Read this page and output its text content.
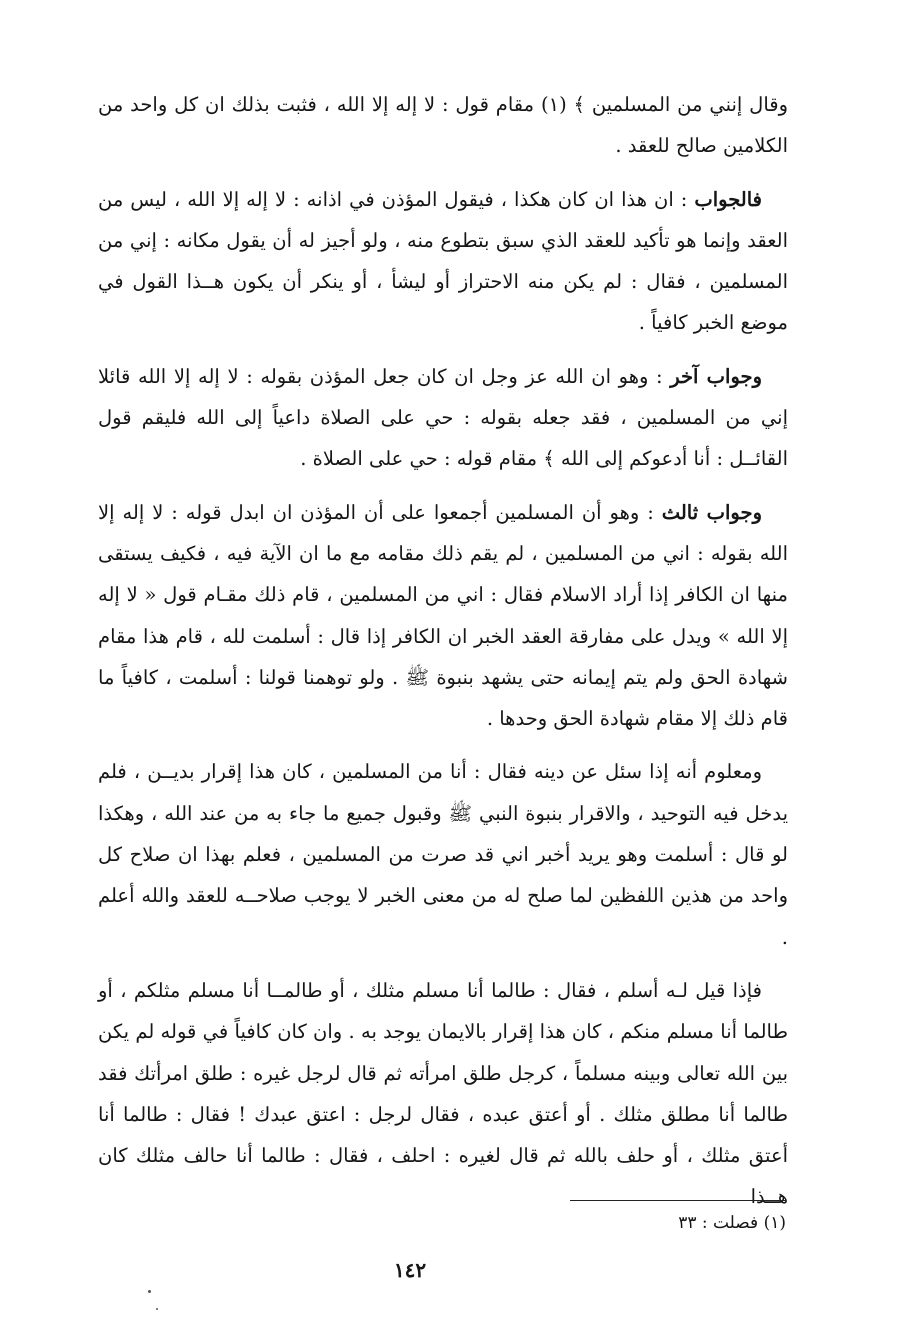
وقال إنني من المسلمين ﴾ (١) مقام قول : لا إله إلا الله ، فثبت بذلك ان كل واحد من الكلامين صالح للعقد .

فالجواب : ان هذا ان كان هكذا ، فيقول المؤذن في اذانه : لا إله إلا الله ، ليس من العقد وإنما هو تأكيد للعقد الذي سبق بتطوع منه ، ولو أجيز له أن يقول مكانه : إني من المسلمين ، فقال : لم يكن منه الاحتراز أو ليشأ ، أو ينكر أن يكون هــذا القول في موضع الخبر كافياً .

وجواب آخر : وهو ان الله عز وجل ان كان جعل المؤذن بقوله : لا إله إلا الله قائلا إني من المسلمين ، فقد جعله بقوله : حي على الصلاة داعياً إلى الله فليقم قول القائــل : أنا أدعوكم إلى الله ﴾ مقام قوله : حي على الصلاة .

وجواب ثالث : وهو أن المسلمين أجمعوا على أن المؤذن ان ابدل قوله : لا إله إلا الله بقوله : اني من المسلمين ، لم يقم ذلك مقامه مع ما ان الآية فيه ، فكيف يستقى منها ان الكافر إذا أراد الاسلام فقال : اني من المسلمين ، قام ذلك مقـام قول « لا إله إلا الله » ويدل على مفارقة العقد الخبر ان الكافر إذا قال : أسلمت لله ، قام هذا مقام شهادة الحق ولم يتم إيمانه حتى يشهد بنبوة ﷺ . ولو توهمنا قولنا : أسلمت ، كافياً ما قام ذلك إلا مقام شهادة الحق وحدها .

ومعلوم أنه إذا سئل عن دينه فقال : أنا من المسلمين ، كان هذا إقرار بديــن ، فلم يدخل فيه التوحيد ، والاقرار بنبوة النبي ﷺ وقبول جميع ما جاء به من عند الله ، وهكذا لو قال : أسلمت وهو يريد أخبر اني قد صرت من المسلمين ، فعلم بهذا ان صلاح كل واحد من هذين اللفظين لما صلح له من معنى الخبر لا يوجب صلاحــه للعقد والله أعلم .

فإذا قيل لـه أسلم ، فقال : طالما أنا مسلم مثلك ، أو طالمــا أنا مسلم مثلكم ، أو طالما أنا مسلم منكم ، كان هذا إقرار بالايمان يوجد به . وان كان كافياً في قوله لم يكن بين الله تعالى وبينه مسلماً ، كرجل طلق امرأته ثم قال لرجل غيره : طلق امرأتك فقد طالما أنا مطلق مثلك . أو أعتق عبده ، فقال لرجل : اعتق عبدك ! فقال : طالما أنا أعتق مثلك ، أو حلف بالله ثم قال لغيره : احلف ، فقال : طالما أنا حالف مثلك كان هــذا

(١) فصلت : ٣٣
١٤٢
